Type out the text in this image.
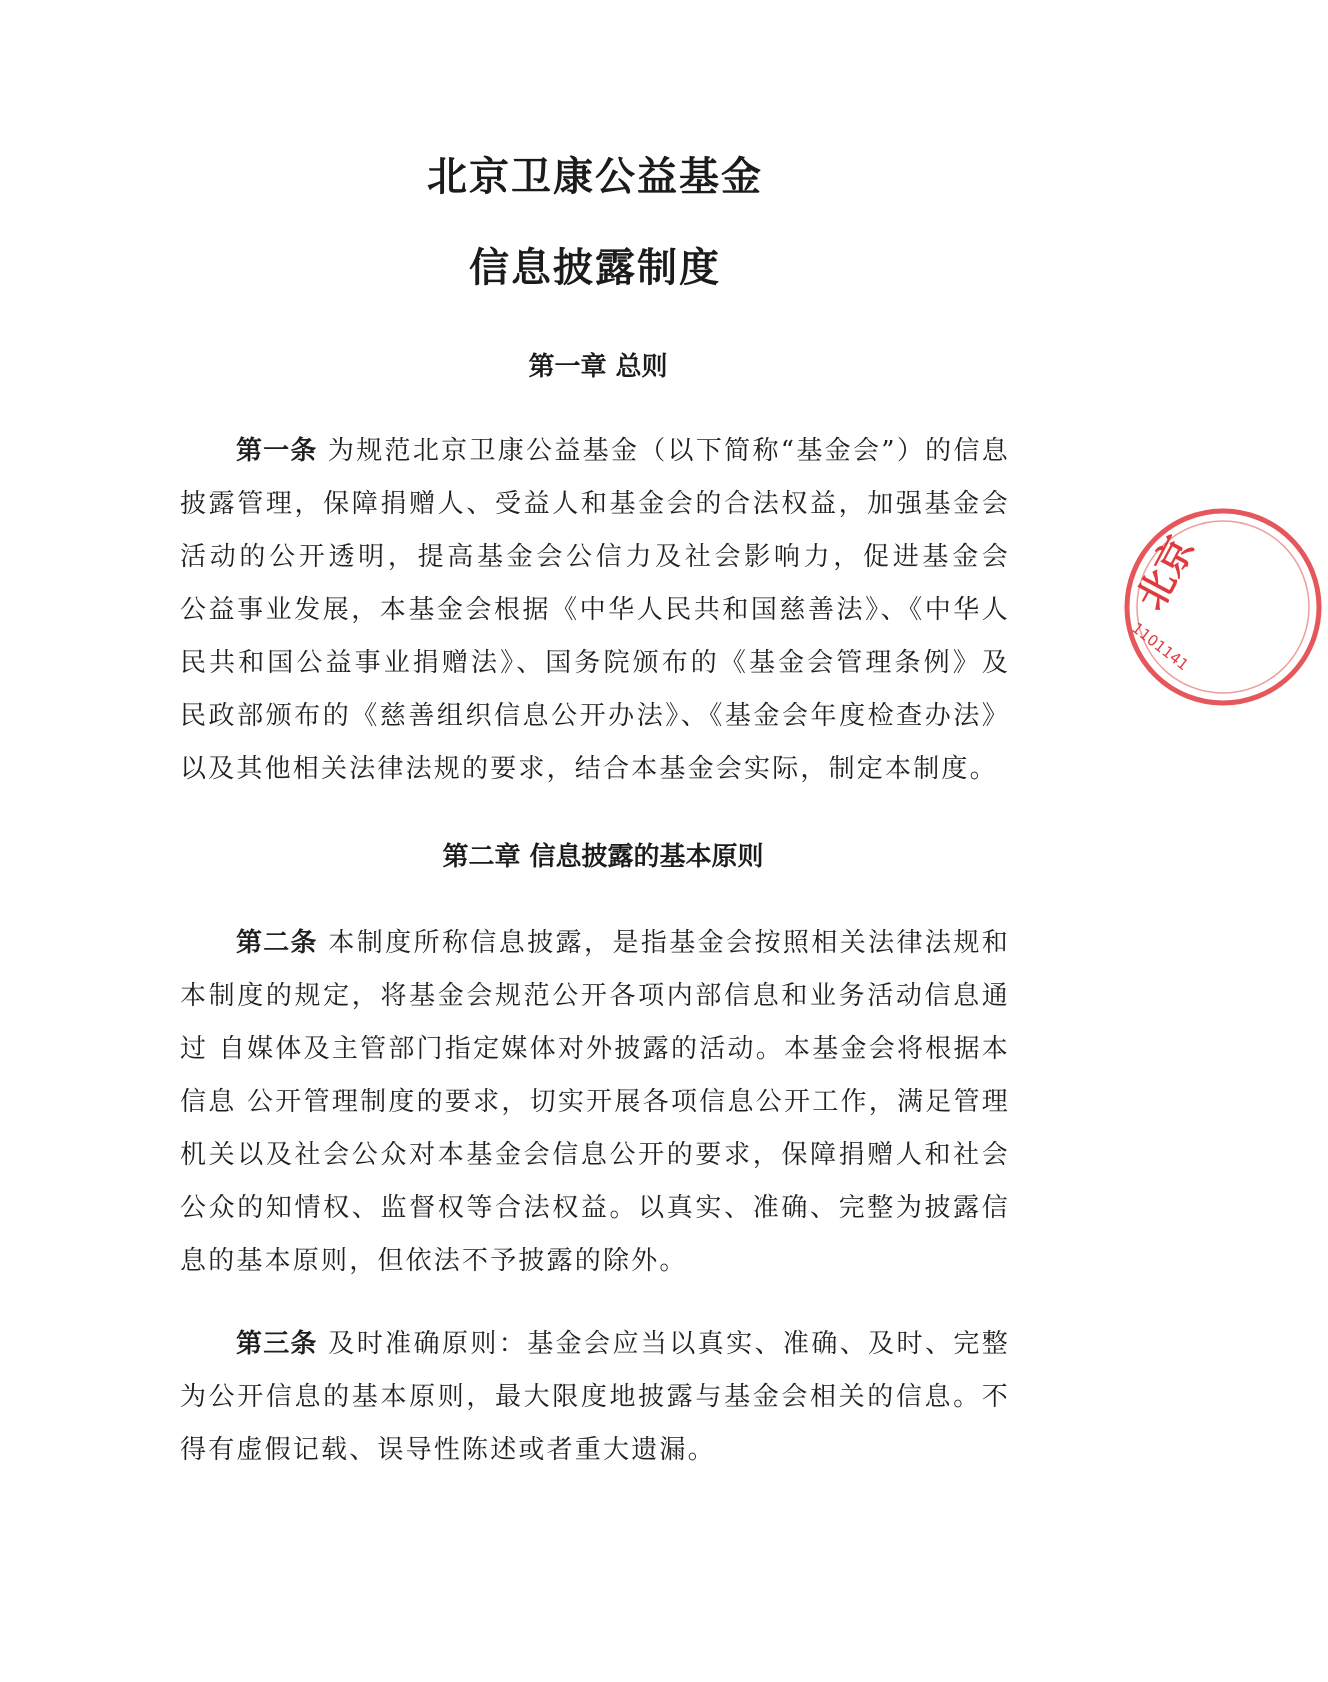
北京卫康公益基金
信息披露制度
第一章 总则
第一条 为规范北京卫康公益基金（以下简称“基金会”）的信息披露管理，保障捐赠人、受益人和基金会的合法权益，加强基金会活动的公开透明，提高基金会公信力及社会影响力，促进基金会　公益事业发展，本基金会根据《中华人民共和国慈善法》、《中华人民共和国公益事业捐赠法》、国务院颁布的《基金会管理条例》及民政部颁布的《慈善组织信息公开办法》、《基金会年度检查办法》以及其他相关法律法规的要求，结合本基金会实际，制定本制度。
第二章 信息披露的基本原则
第二条 本制度所称信息披露，是指基金会按照相关法律法规和本制度的规定，将基金会规范公开各项内部信息和业务活动信息通过 自媒体及主管部门指定媒体对外披露的活动。本基金会将根据本信息 公开管理制度的要求，切实开展各项信息公开工作，满足管理机关以及社会公众对本基金会信息公开的要求，保障捐赠人和社会公众的知情权、监督权等合法权益。以真实、准确、完整为披露信息的基本原则，但依法不予披露的除外。
第三条 及时准确原则：基金会应当以真实、准确、及时、完整 为公开信息的基本原则，最大限度地披露与基金会相关的信息。不得有虚假记载、误导性陈述或者重大遗漏。
北京
1101141
